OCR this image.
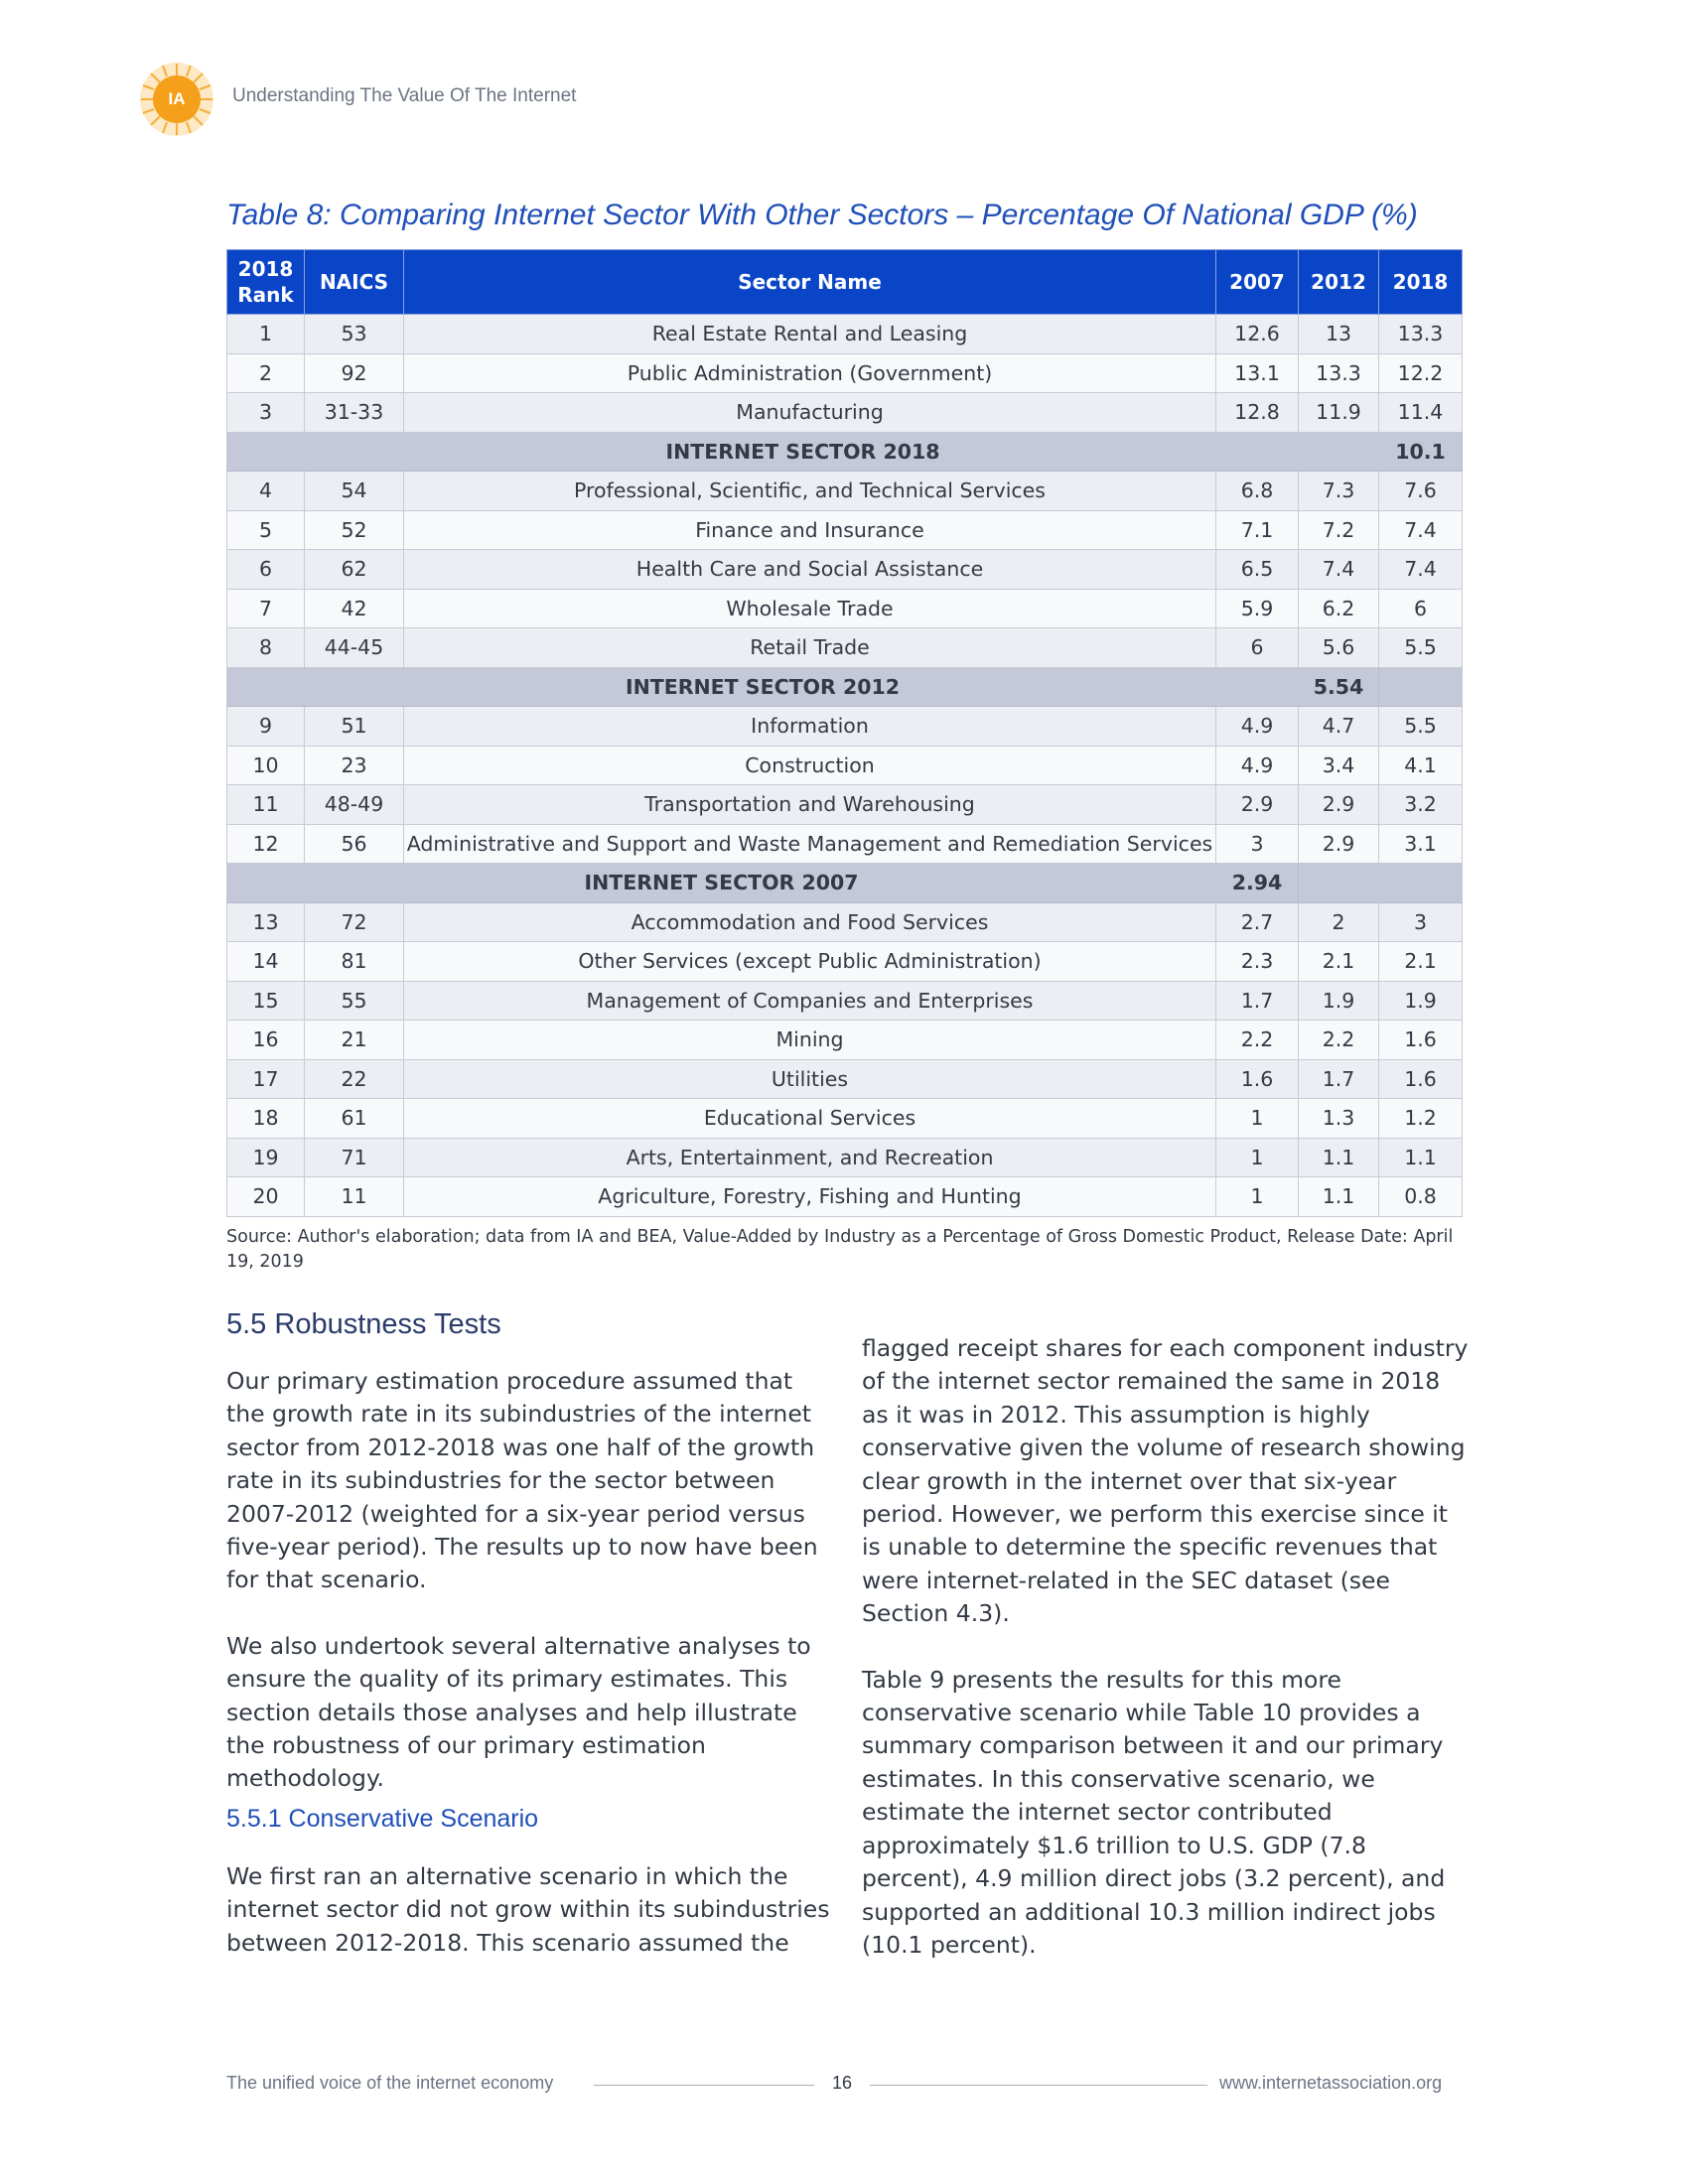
IA	Understanding The Value Of The Internet
Table 8: Comparing Internet Sector With Other Sectors – Percentage Of National GDP (%)
2018 Rank	NAICS	Sector Name	2007	2012	2018
1	53	Real Estate Rental and Leasing	12.6	13	13.3
2	92	Public Administration (Government)	13.1	13.3	12.2
3	31-33	Manufacturing	12.8	11.9	11.4
INTERNET SECTOR 2018					10.1
4	54	Professional, Scientific, and Technical Services	6.8	7.3	7.6
5	52	Finance and Insurance	7.1	7.2	7.4
6	62	Health Care and Social Assistance	6.5	7.4	7.4
7	42	Wholesale Trade	5.9	6.2	6
8	44-45	Retail Trade	6	5.6	5.5
INTERNET SECTOR 2012				5.54	
9	51	Information	4.9	4.7	5.5
10	23	Construction	4.9	3.4	4.1
11	48-49	Transportation and Warehousing	2.9	2.9	3.2
12	56	Administrative and Support and Waste Management and Remediation Services	3	2.9	3.1
INTERNET SECTOR 2007			2.94		
13	72	Accommodation and Food Services	2.7	2	3
14	81	Other Services (except Public Administration)	2.3	2.1	2.1
15	55	Management of Companies and Enterprises	1.7	1.9	1.9
16	21	Mining	2.2	2.2	1.6
17	22	Utilities	1.6	1.7	1.6
18	61	Educational Services	1	1.3	1.2
19	71	Arts, Entertainment, and Recreation	1	1.1	1.1
20	11	Agriculture, Forestry, Fishing and Hunting	1	1.1	0.8
Source: Author's elaboration; data from IA and BEA, Value-Added by Industry as a Percentage of Gross Domestic Product, Release Date: April 19, 2019
5.5 Robustness Tests

Our primary estimation procedure assumed that the growth rate in its subindustries of the internet sector from 2012-2018 was one half of the growth rate in its subindustries for the sector between 2007-2012 (weighted for a six-year period versus five-year period). The results up to now have been for that scenario.

We also undertook several alternative analyses to ensure the quality of its primary estimates. This section details those analyses and help illustrate the robustness of our primary estimation methodology.

5.5.1 Conservative Scenario

We first ran an alternative scenario in which the internet sector did not grow within its subindustries between 2012-2018. This scenario assumed the

flagged receipt shares for each component industry of the internet sector remained the same in 2018 as it was in 2012. This assumption is highly conservative given the volume of research showing clear growth in the internet over that six-year period. However, we perform this exercise since it is unable to determine the specific revenues that were internet-related in the SEC dataset (see Section 4.3).

Table 9 presents the results for this more conservative scenario while Table 10 provides a summary comparison between it and our primary estimates. In this conservative scenario, we estimate the internet sector contributed approximately $1.6 trillion to U.S. GDP (7.8 percent), 4.9 million direct jobs (3.2 percent), and supported an additional 10.3 million indirect jobs (10.1 percent).

The unified voice of the internet economy	16	www.internetassociation.org
